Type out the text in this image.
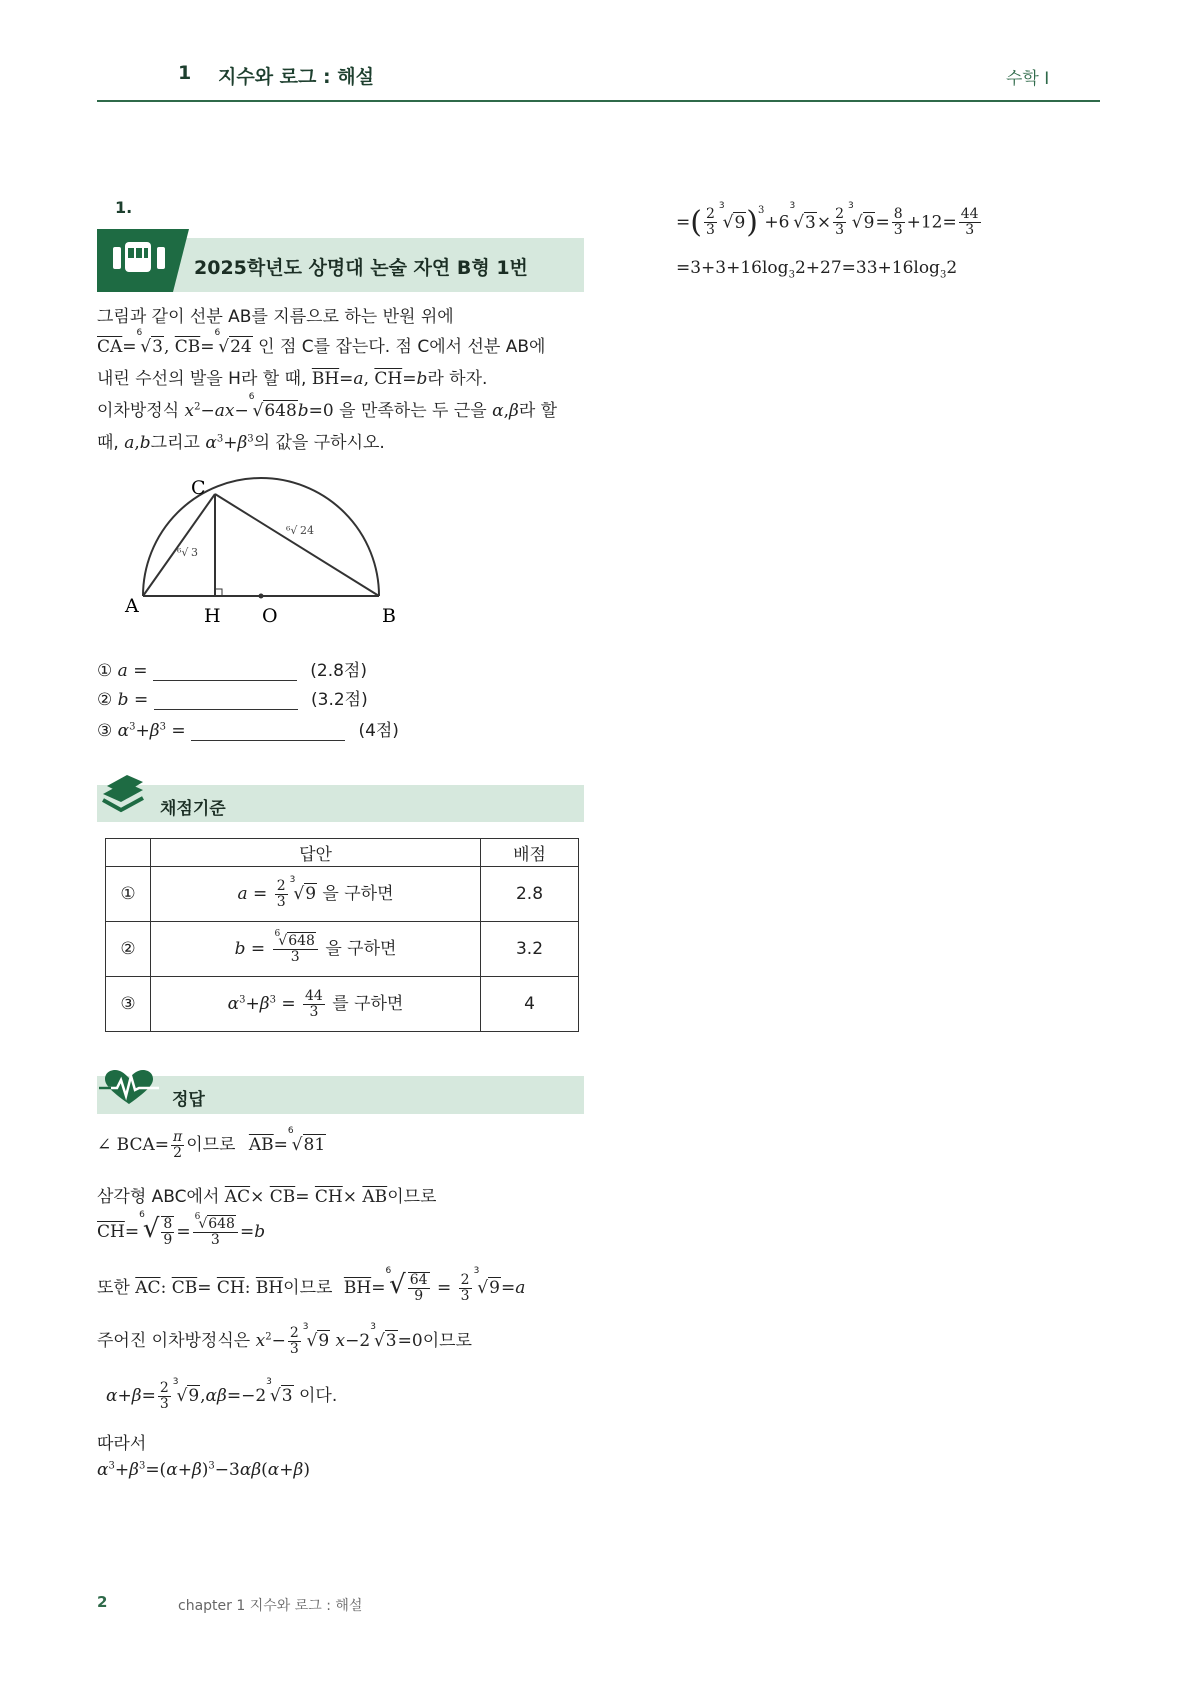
1 지수와 로그 : 해설	수학 I
1.
2025학년도 상명대 논술 자연 B형 1번
그림과 같이 선분 AB를 지름으로 하는 반원 위에
$\overline{CA}=^6√3$, $\overline{CB}=^6√24$ 인 점 C를 잡는다. 점 C에서 선분 AB에
내린 수선의 발을 H라 할 때, $\overline{BH}=a$, $\overline{CH}=b$라 하자.
이차방정식 $x^2-ax-^6√648b=0$ 을 만족하는 두 근을 α,β라 할
때, a,b그리고 $\alpha^3+\beta^3$의 값을 구하시오.
C
A	H O	B
⁶√ 3
⁶√ 24
① a =	(2.8점)
② b =	(3.2점)
③ $\alpha^3+\beta^3$ =	(4점)
채점기준
	답안	배점
①	$a = \frac{2}{3} ^3√9$ 을 구하면	2.8
②	$b = \frac{^6√648}{3}$ 을 구하면	3.2
③	$\alpha^3+\beta^3 = \frac{44}{3}$ 를 구하면	4
정답
∠ $BCA= \frac{\pi}{2}$ 이므로 $\overline{AB}=^6√81$
삼각형 ABC에서 $\overline{AC}\times \overline{CB}= \overline{CH}\times \overline{AB}$이므로
$\overline{CH}=^6√ \frac{8}{9} = \frac{^6√648}{3} =b$
또한 $\overline{AC}$: $\overline{CB}= \overline{CH}$: $\overline{BH}$이므로 $\overline{BH}=^6√ \frac{64}{9} = \frac{2}{3}$
$^3$√9=a
주어진 이차방정식은 $x^2- \frac{2}{3} ^3√9$ $x-2^3√3=0$이므로
$\alpha+\beta= \frac{2}{3} ^3√9,\alpha\beta=-2^3√3$ 이다.
따라서
$\alpha^3+\beta^3=(\alpha+\beta)^3-3\alpha\beta(\alpha+\beta)$
=( $\frac{2}{3}$
$^3√9)^3+6^3√3\times \frac{2}{3}$
$^3√9= \frac{8}{3} +12= \frac{44}{3}$
$=3+3+16\log_32+27=33+16\log_32$
2	chapter 1 지수와 로그 : 해설
